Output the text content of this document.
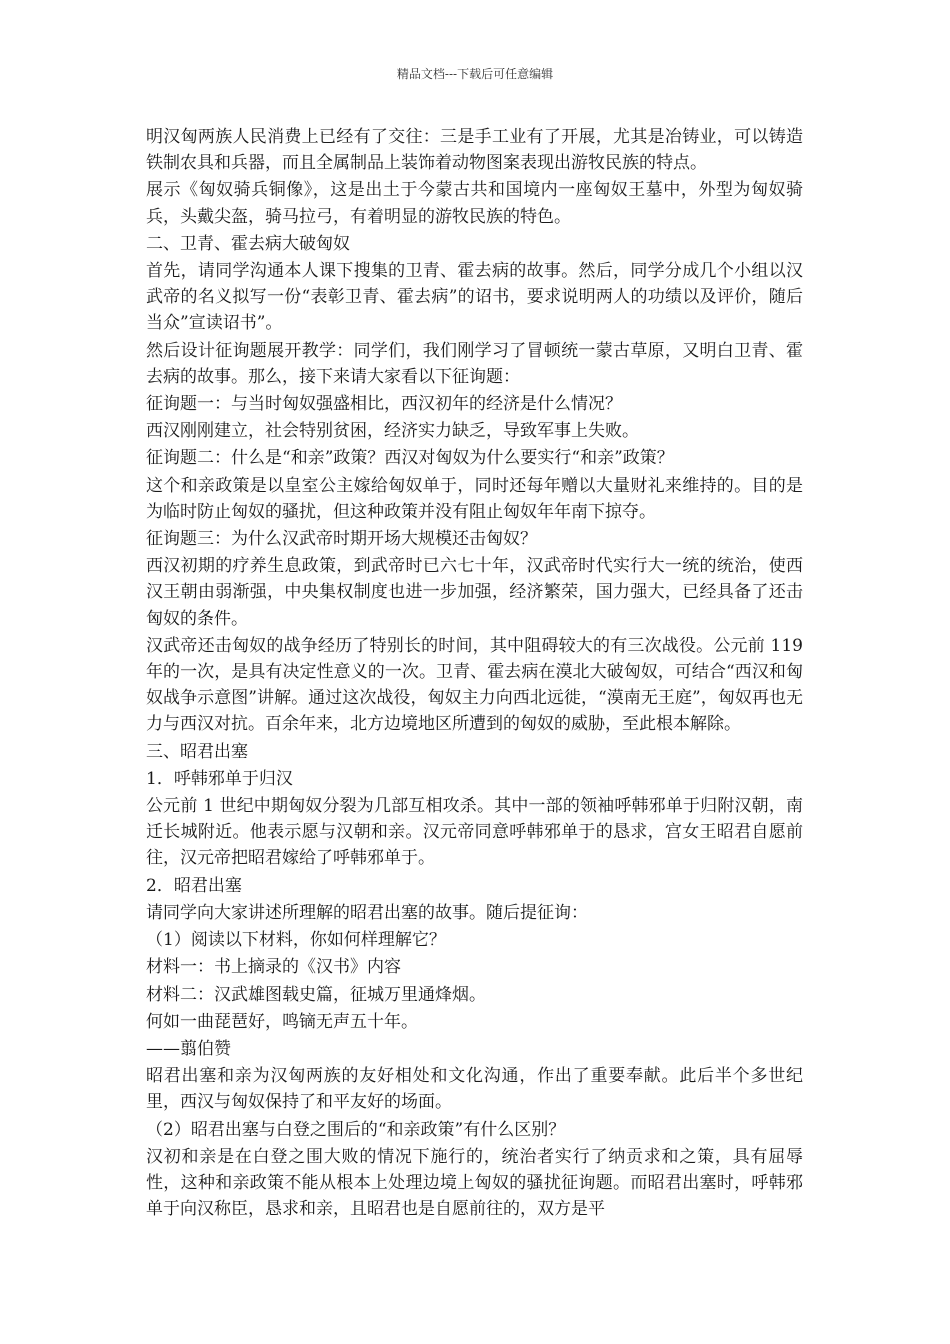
精品文档---下载后可任意编辑

明汉匈两族人民消费上已经有了交往：三是手工业有了开展，尤其是冶铸业，可以铸造铁制农具和兵器，而且全属制品上装饰着动物图案表现出游牧民族的特点。

展示《匈奴骑兵铜像》，这是出土于今蒙古共和国境内一座匈奴王墓中，外型为匈奴骑兵，头戴尖盔，骑马拉弓，有着明显的游牧民族的特色。

二、卫青、霍去病大破匈奴

首先，请同学沟通本人课下搜集的卫青、霍去病的故事。然后，同学分成几个小组以汉武帝的名义拟写一份“表彰卫青、霍去病”的诏书，要求说明两人的功绩以及评价，随后当众”宣读诏书”。

然后设计征询题展开教学：同学们，我们刚学习了冒顿统一蒙古草原，又明白卫青、霍去病的故事。那么，接下来请大家看以下征询题：

征询题一：与当时匈奴强盛相比，西汉初年的经济是什么情况？

西汉刚刚建立，社会特别贫困，经济实力缺乏，导致军事上失败。

征询题二：什么是“和亲”政策？西汉对匈奴为什么要实行“和亲”政策？

这个和亲政策是以皇室公主嫁给匈奴单于，同时还每年赠以大量财礼来维持的。目的是为临时防止匈奴的骚扰，但这种政策并没有阻止匈奴年年南下掠夺。

征询题三：为什么汉武帝时期开场大规模还击匈奴？

西汉初期的疗养生息政策，到武帝时已六七十年，汉武帝时代实行大一统的统治，使西汉王朝由弱渐强，中央集权制度也进一步加强，经济繁荣，国力强大，已经具备了还击匈奴的条件。

汉武帝还击匈奴的战争经历了特别长的时间，其中阻碍较大的有三次战役。公元前 119 年的一次，是具有决定性意义的一次。卫青、霍去病在漠北大破匈奴，可结合“西汉和匈奴战争示意图”讲解。通过这次战役，匈奴主力向西北远徙，“漠南无王庭”，匈奴再也无力与西汉对抗。百余年来，北方边境地区所遭到的匈奴的威胁，至此根本解除。

三、昭君出塞

1．呼韩邪单于归汉

公元前 1 世纪中期匈奴分裂为几部互相攻杀。其中一部的领袖呼韩邪单于归附汉朝，南迁长城附近。他表示愿与汉朝和亲。汉元帝同意呼韩邪单于的恳求，宫女王昭君自愿前往，汉元帝把昭君嫁给了呼韩邪单于。

2．昭君出塞

请同学向大家讲述所理解的昭君出塞的故事。随后提征询：

（1）阅读以下材料，你如何样理解它？

材料一：书上摘录的《汉书》内容

材料二：汉武雄图载史篇，征城万里通烽烟。

何如一曲琵琶好，鸣镝无声五十年。

——翦伯赞

昭君出塞和亲为汉匈两族的友好相处和文化沟通，作出了重要奉献。此后半个多世纪里，西汉与匈奴保持了和平友好的场面。

（2）昭君出塞与白登之围后的“和亲政策”有什么区别？

汉初和亲是在白登之围大败的情况下施行的，统治者实行了纳贡求和之策，具有屈辱性，这种和亲政策不能从根本上处理边境上匈奴的骚扰征询题。而昭君出塞时，呼韩邪单于向汉称臣，恳求和亲，且昭君也是自愿前往的，双方是平
